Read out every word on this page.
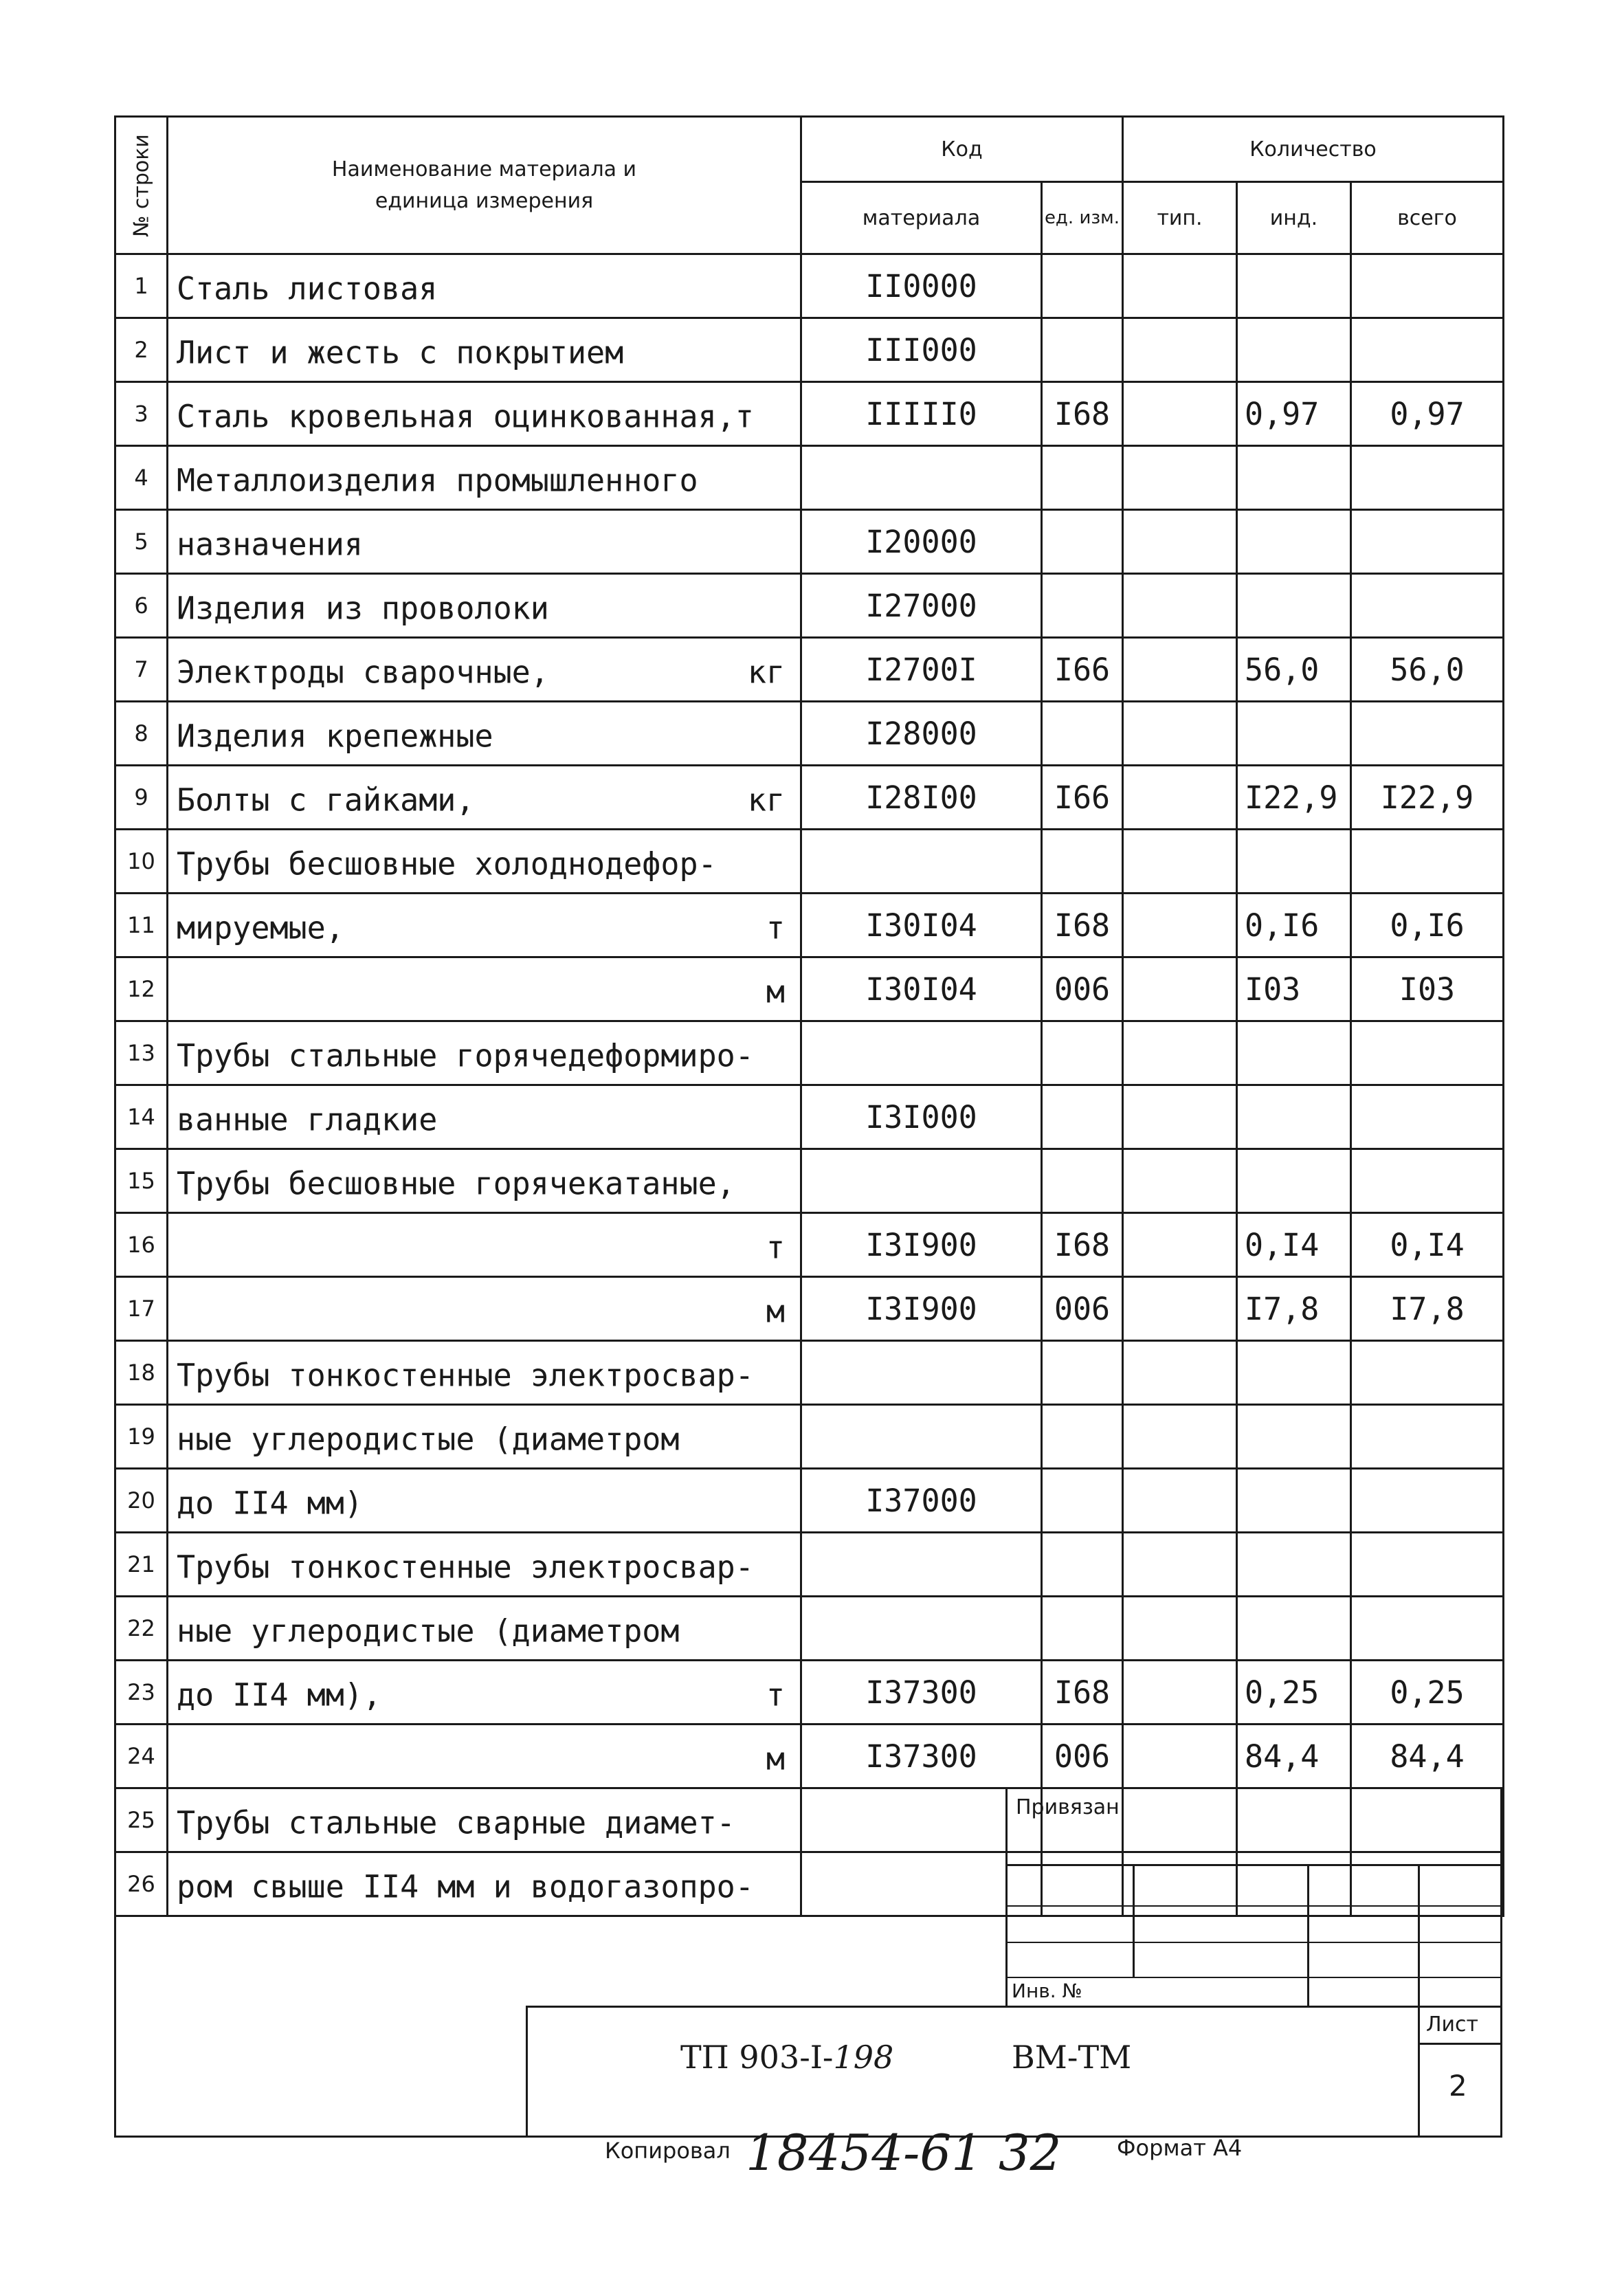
№ строки	Наименование материала и единица измерения	Код		Количество		
		материала	ед. изм.	тип.	инд.	всего
1	Сталь листовая	II0000				
2	Лист и жесть с покрытием	III000				
3	Сталь кровельная оцинкованная,т	IIIII0	I68		0,97	0,97
4	Металлоизделия промышленного					

5	назначения	I20000				
6	Изделия из проволоки	I27000				
7	Электроды сварочные, кг	I2700I	I66		56,0	56,0
8	Изделия крепежные	I28000				
9	Болты с гайками, кг	I28I00	I66		I22,9	I22,9
10	Трубы бесшовные холоднодефор-					

11	мируемые, т	I30I04	I68		0,I6	0,I6
12	м	I30I04	006		I03	I03
13	Трубы стальные горячедеформиро-					

14	ванные гладкие	I3I000				
15	Трубы бесшовные горячекатаные,					

16	т	I3I900	I68		0,I4	0,I4
17	м	I3I900	006		I7,8	I7,8
18	Трубы тонкостенные электросвар-					

19	ные углеродистые (диаметром					

20	до II4 мм)	I37000				
21	Трубы тонкостенные электросвар-					

22	ные углеродистые (диаметром					

23	до II4 мм), т	I37300	I68		0,25	0,25
24	м	I37300	006		84,4	84,4
25	Трубы стальные сварные диамет-					

26	ром свыше II4 мм и водогазопро-					

Привязан
Инв. №
Лист
2
ТП 903-I-198	ВМ-ТМ
Копировал 18454-61 32	Формат А4
